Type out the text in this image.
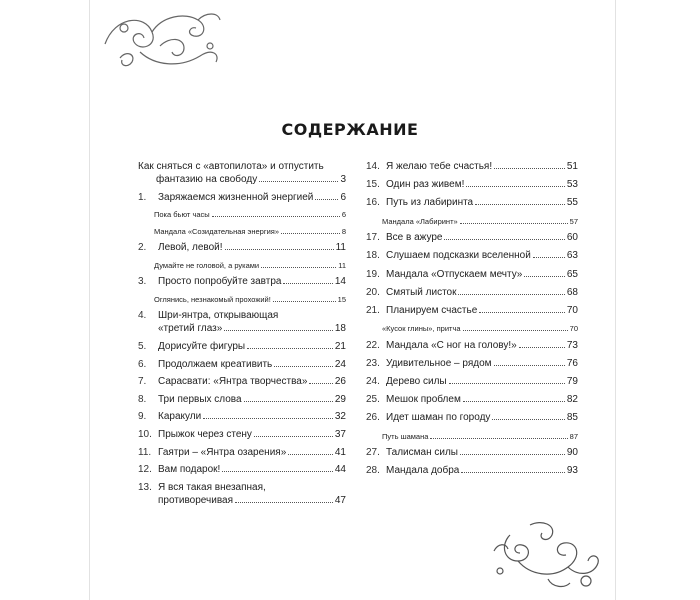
СОДЕРЖАНИЕ
Как сняться с «автопилота» и отпустить
фантазию на свободу	3
1.	Заряжаемся жизненной энергией	6
Пока бьют часы	6
Мандала «Созидательная энергия»	8
2.	Левой, левой!	11
Думайте не головой, а руками	11
3.	Просто попробуйте завтра	14
Оглянись, незнакомый прохожий!	15
4.	Шри-янтра, открывающая
«третий глаз»	18
5.	Дорисуйте фигуры	21
6.	Продолжаем креативить	24
7.	Сарасвати: «Янтра творчества»	26
8.	Три первых слова	29
9.	Каракули	32
10. Прыжок через стену	37
11. Гаятри – «Янтра озарения»	41
12. Вам подарок!	44
13. Я вся такая внезапная,
противоречивая	47
14. Я желаю тебе счастья!	51
15. Один раз живем!	53
16. Путь из лабиринта	55
Мандала «Лабиринт»	57
17. Все в ажуре	60
18. Слушаем подсказки вселенной	63
19. Мандала «Отпускаем мечту»	65
20. Смятый листок	68
21. Планируем счастье	70
«Кусок глины», притча	70
22. Мандала «С ног на голову!»	73
23. Удивительное – рядом	76
24. Дерево силы	79
25. Мешок проблем	82
26. Идет шаман по городу	85
Путь шамана	87
27. Талисман силы	90
28. Мандала добра	93
